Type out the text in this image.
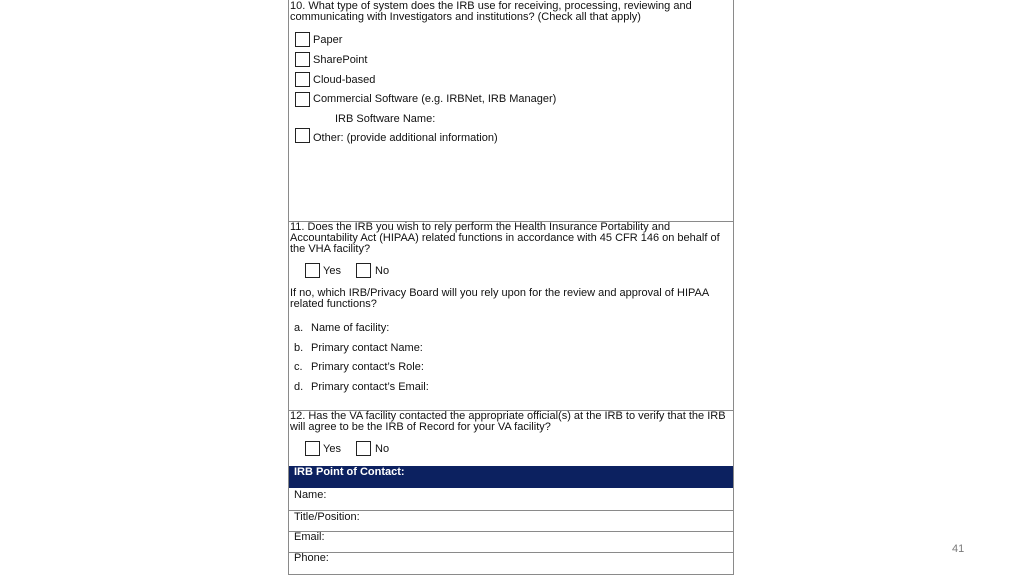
10. What type of system does the IRB use for receiving, processing, reviewing and communicating with Investigators and institutions? (Check all that apply)
Paper
SharePoint
Cloud-based
Commercial Software (e.g. IRBNet, IRB Manager)
IRB Software Name:
Other: (provide additional information)
11. Does the IRB you wish to rely perform the Health Insurance Portability and Accountability Act (HIPAA) related functions in accordance with 45 CFR 146 on behalf of the VHA facility?
Yes	No
If no, which IRB/Privacy Board will you rely upon for the review and approval of HIPAA related functions?
a. Name of facility:
b. Primary contact Name:
c. Primary contact’s Role:
d. Primary contact’s Email:
12. Has the VA facility contacted the appropriate official(s) at the IRB to verify that the IRB will agree to be the IRB of Record for your VA facility?
Yes	No
IRB Point of Contact:
Name:
Title/Position:
Email:
Phone:
41
